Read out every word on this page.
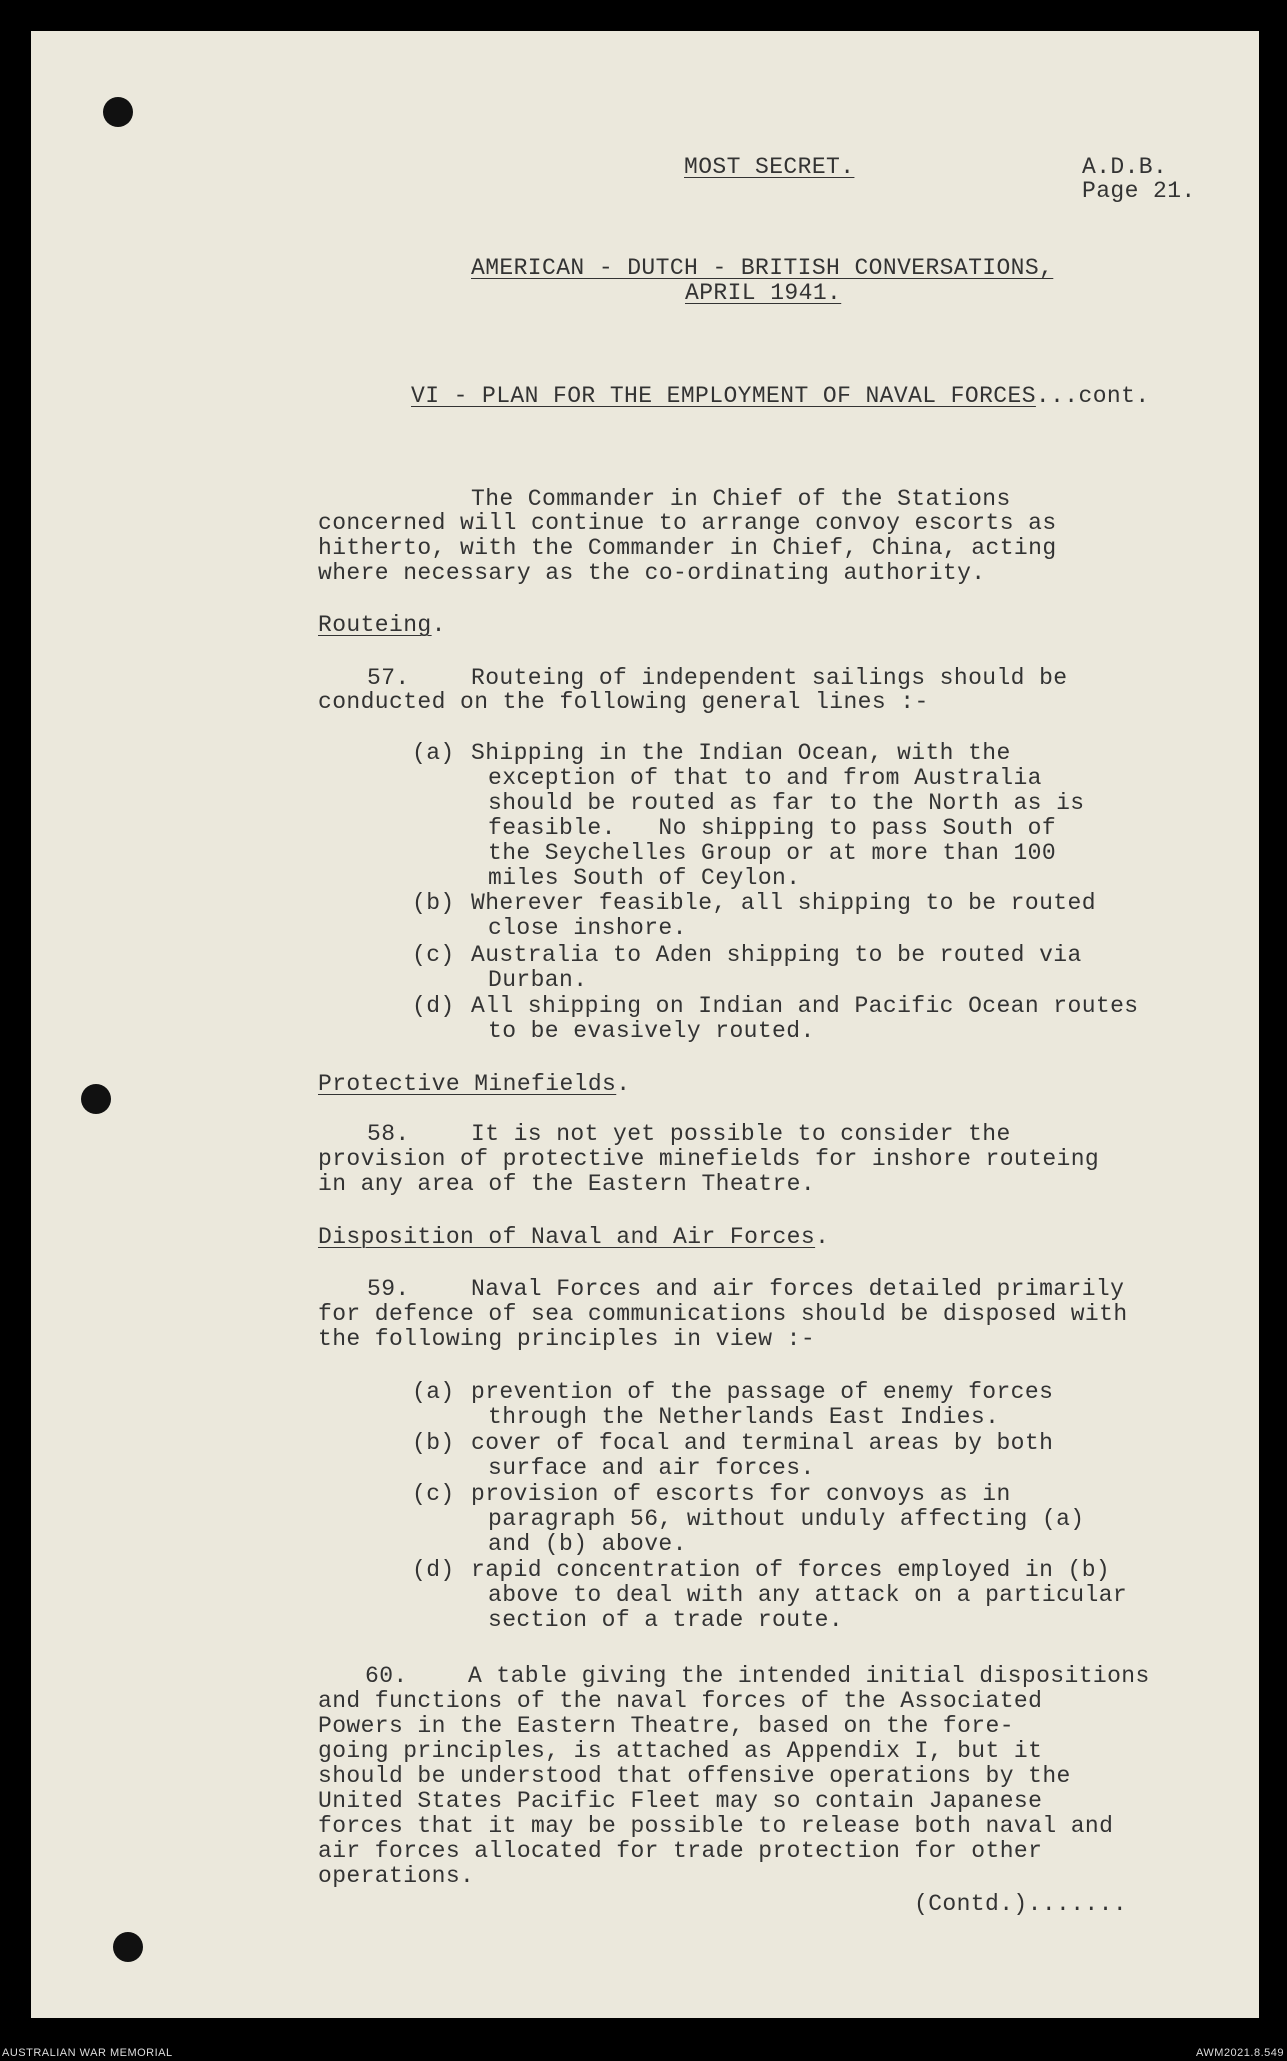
MOST SECRET.	A.D.B.
Page 21.
AMERICAN - DUTCH - BRITISH CONVERSATIONS,
APRIL 1941.
VI - PLAN FOR THE EMPLOYMENT OF NAVAL FORCES...cont.
The Commander in Chief of the Stations
concerned will continue to arrange convoy escorts as
hitherto, with the Commander in Chief, China, acting
where necessary as the co-ordinating authority.
Routeing.
57.	Routeing of independent sailings should be
conducted on the following general lines :-
(a) Shipping in the Indian Ocean, with the
exception of that to and from Australia
should be routed as far to the North as is
feasible.   No shipping to pass South of
the Seychelles Group or at more than 100
miles South of Ceylon.
(b) Wherever feasible, all shipping to be routed
close inshore.
(c) Australia to Aden shipping to be routed via
Durban.
(d) All shipping on Indian and Pacific Ocean routes
to be evasively routed.
Protective Minefields.
58.	It is not yet possible to consider the
provision of protective minefields for inshore routeing
in any area of the Eastern Theatre.
Disposition of Naval and Air Forces.
59.	Naval Forces and air forces detailed primarily
for defence of sea communications should be disposed with
the following principles in view :-
(a) prevention of the passage of enemy forces
through the Netherlands East Indies.
(b) cover of focal and terminal areas by both
surface and air forces.
(c) provision of escorts for convoys as in
paragraph 56, without unduly affecting (a)
and (b) above.
(d) rapid concentration of forces employed in (b)
above to deal with any attack on a particular
section of a trade route.
60.	A table giving the intended initial dispositions
and functions of the naval forces of the Associated
Powers in the Eastern Theatre, based on the fore-
going principles, is attached as Appendix I, but it
should be understood that offensive operations by the
United States Pacific Fleet may so contain Japanese
forces that it may be possible to release both naval and
air forces allocated for trade protection for other
operations.
(Contd.).......
AUSTRALIAN WAR MEMORIAL	AWM2021.8.549
